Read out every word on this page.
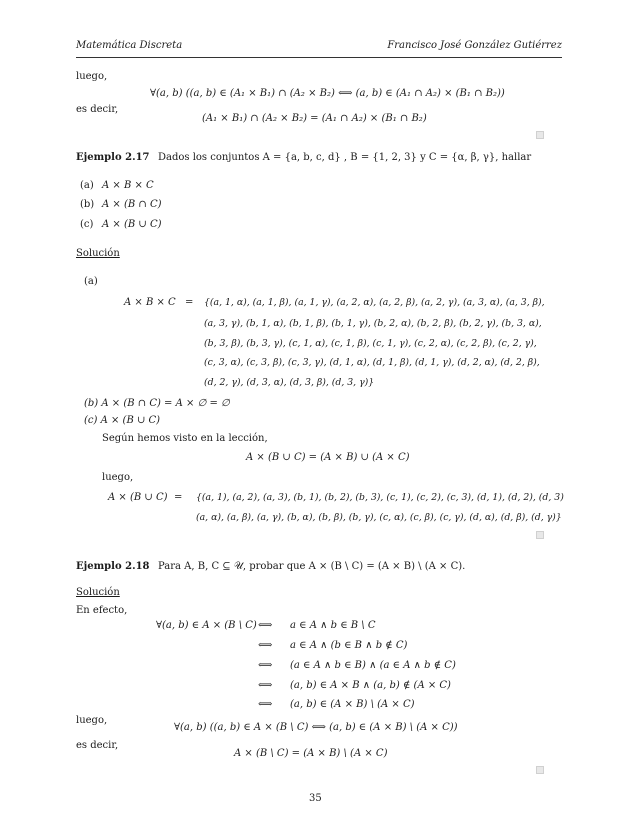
Matemática Discreta	Francisco José González Gutiérrez
luego,
∀(a, b) ((a, b) ∈ (A₁ × B₁) ∩ (A₂ × B₂) ⟺ (a, b) ∈ (A₁ ∩ A₂) × (B₁ ∩ B₂))
es decir,
(A₁ × B₁) ∩ (A₂ × B₂) = (A₁ ∩ A₂) × (B₁ ∩ B₂)
Ejemplo 2.17 Dados los conjuntos A = {a, b, c, d} , B = {1, 2, 3} y C = {α, β, γ}, hallar
(a) A × B × C
(b) A × (B ∩ C)
(c) A × (B ∪ C)
Solución
(a)
A × B × C = {(a, 1, α), (a, 1, β), (a, 1, γ), (a, 2, α), (a, 2, β), (a, 2, γ), (a, 3, α), (a, 3, β),
(a, 3, γ), (b, 1, α), (b, 1, β), (b, 1, γ), (b, 2, α), (b, 2, β), (b, 2, γ), (b, 3, α),
(b, 3, β), (b, 3, γ), (c, 1, α), (c, 1, β), (c, 1, γ), (c, 2, α), (c, 2, β), (c, 2, γ),
(c, 3, α), (c, 3, β), (c, 3, γ), (d, 1, α), (d, 1, β), (d, 1, γ), (d, 2, α), (d, 2, β),
(d, 2, γ), (d, 3, α), (d, 3, β), (d, 3, γ)}
(b) A × (B ∩ C) = A × ∅ = ∅
(c) A × (B ∪ C)
Según hemos visto en la lección,
A × (B ∪ C) = (A × B) ∪ (A × C)
luego,
A × (B ∪ C) = {(a, 1), (a, 2), (a, 3), (b, 1), (b, 2), (b, 3), (c, 1), (c, 2), (c, 3), (d, 1), (d, 2), (d, 3)
(a, α), (a, β), (a, γ), (b, α), (b, β), (b, γ), (c, α), (c, β), (c, γ), (d, α), (d, β), (d, γ)}
Ejemplo 2.18 Para A, B, C ⊆ 𝒰, probar que A × (B \ C) = (A × B) \ (A × C).
Solución
En efecto,
∀(a, b) ∈ A × (B \ C) ⟺ a ∈ A ∧ b ∈ B \ C
⟺ a ∈ A ∧ (b ∈ B ∧ b ∉ C)
⟺ (a ∈ A ∧ b ∈ B) ∧ (a ∈ A ∧ b ∉ C)
⟺ (a, b) ∈ A × B ∧ (a, b) ∉ (A × C)
⟺ (a, b) ∈ (A × B) \ (A × C)
luego,
∀(a, b) ((a, b) ∈ A × (B \ C) ⟺ (a, b) ∈ (A × B) \ (A × C))
es decir,
A × (B \ C) = (A × B) \ (A × C)
35
